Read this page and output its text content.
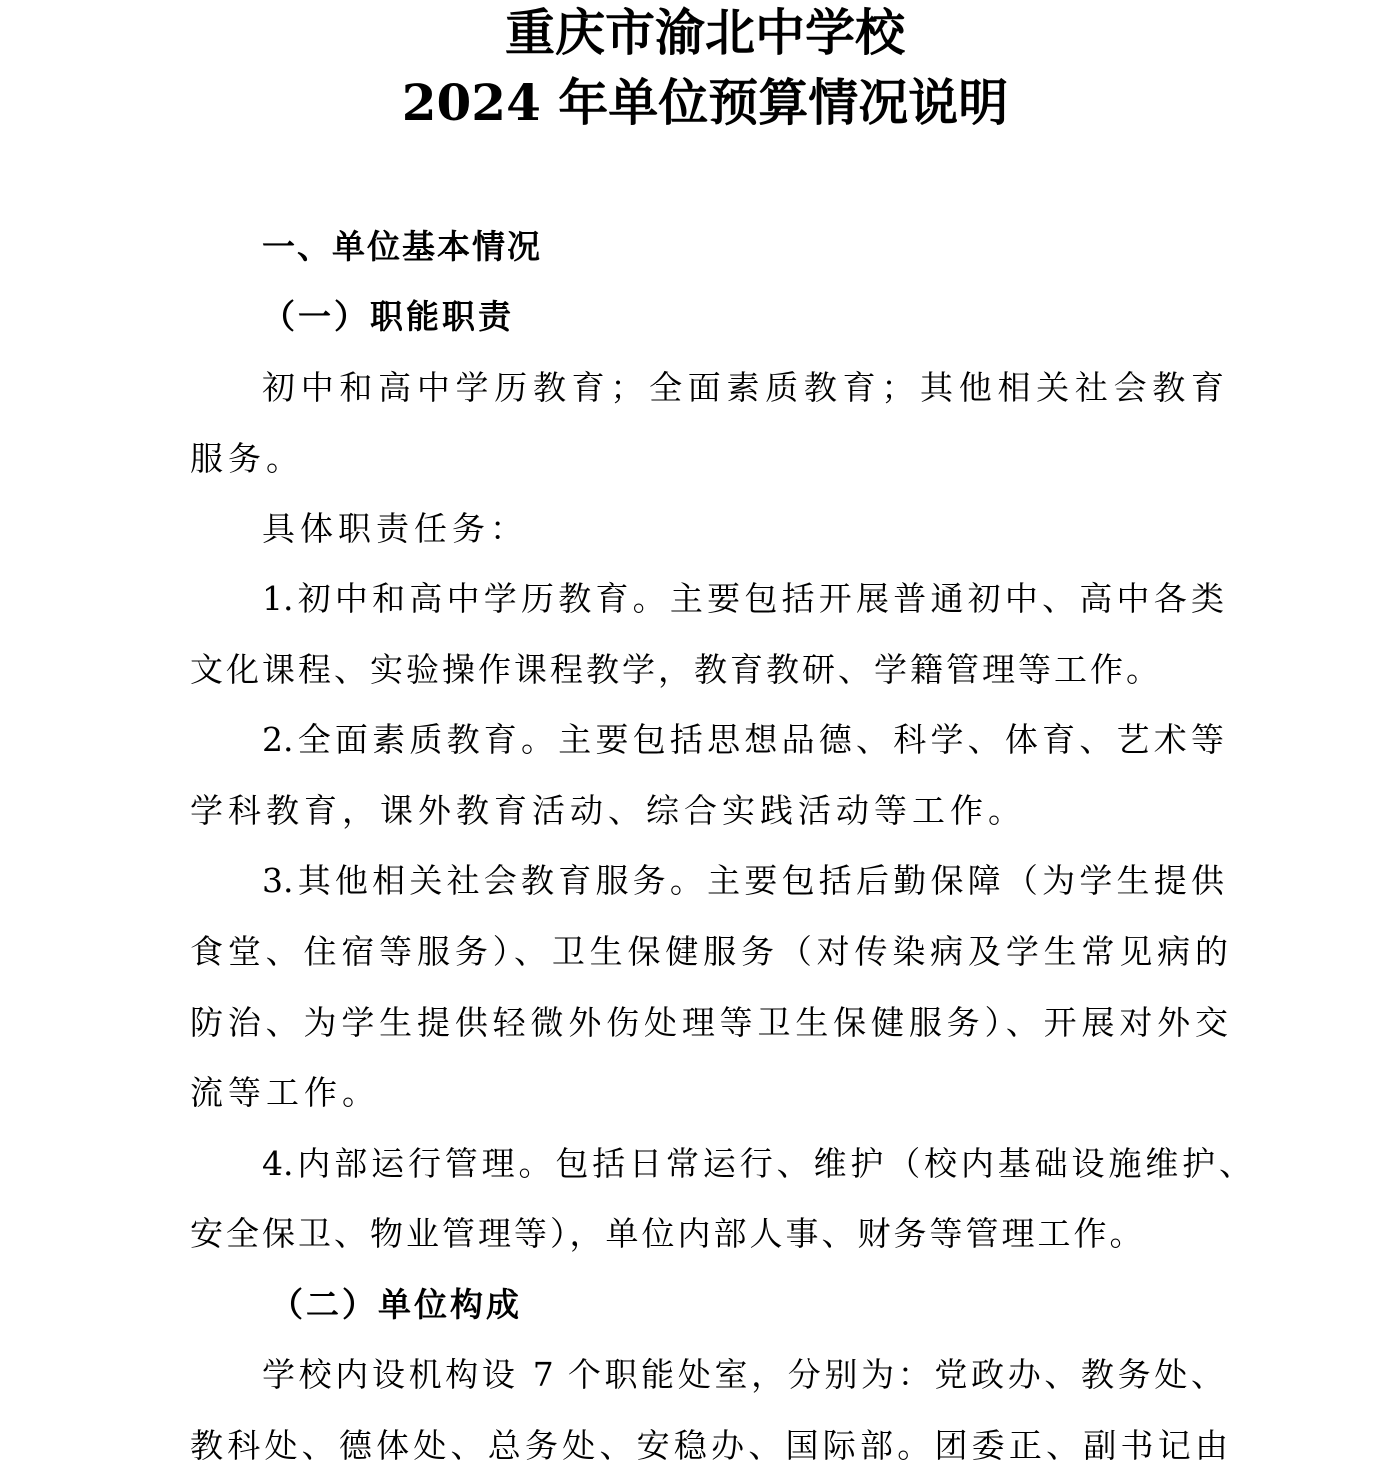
重庆市渝北中学校
2024 年单位预算情况说明
一、单位基本情况
（一）职能职责
初中和高中学历教育；全面素质教育；其他相关社会教育
服务。
具体职责任务：
1.初中和高中学历教育。主要包括开展普通初中、高中各类
文化课程、实验操作课程教学，教育教研、学籍管理等工作。
2.全面素质教育。主要包括思想品德、科学、体育、艺术等
学科教育，课外教育活动、综合实践活动等工作。
3.其他相关社会教育服务。主要包括后勤保障（为学生提供
食堂、住宿等服务）、卫生保健服务（对传染病及学生常见病的
防治、为学生提供轻微外伤处理等卫生保健服务）、开展对外交
流等工作。
4.内部运行管理。包括日常运行、维护（校内基础设施维护、
安全保卫、物业管理等），单位内部人事、财务等管理工作。
（二）单位构成
学校内设机构设 7 个职能处室，分别为：党政办、教务处、
教科处、德体处、总务处、安稳办、国际部。团委正、副书记由
